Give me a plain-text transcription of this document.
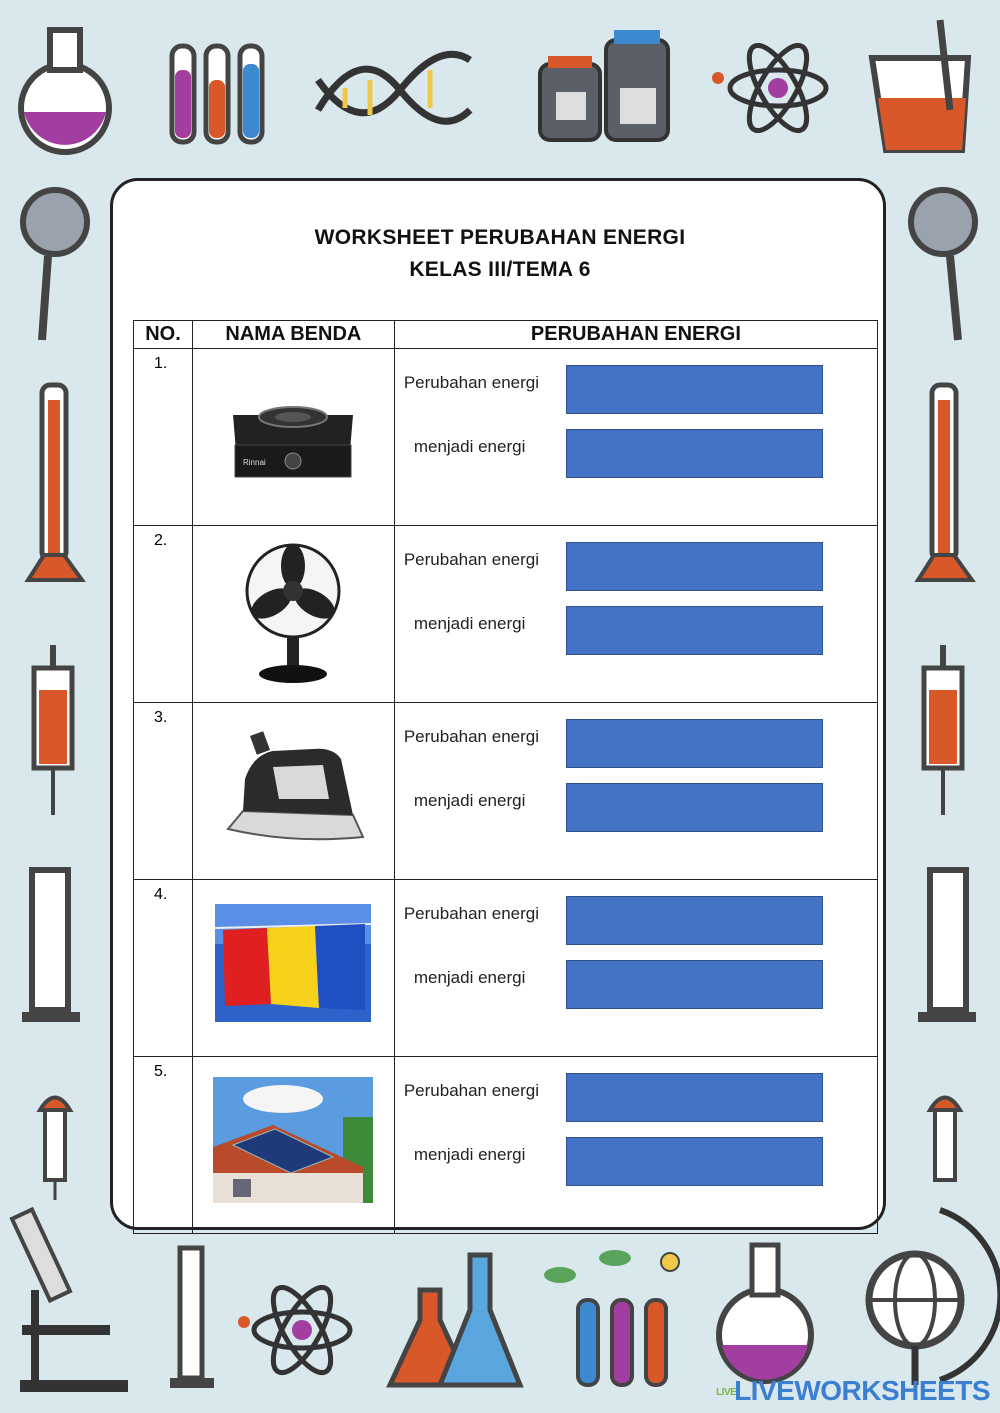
WORKSHEET PERUBAHAN ENERGI
KELAS III/TEMA 6
NO.	NAMA BENDA	PERUBAHAN ENERGI
1.	Rinnai	Perubahan energi
menjadi energi

2.		Perubahan energi
menjadi energi

3.		Perubahan energi
menjadi energi

4.		Perubahan energi
menjadi energi

5.		Perubahan energi
menjadi energi
LIVELIVEWORKSHEETS
